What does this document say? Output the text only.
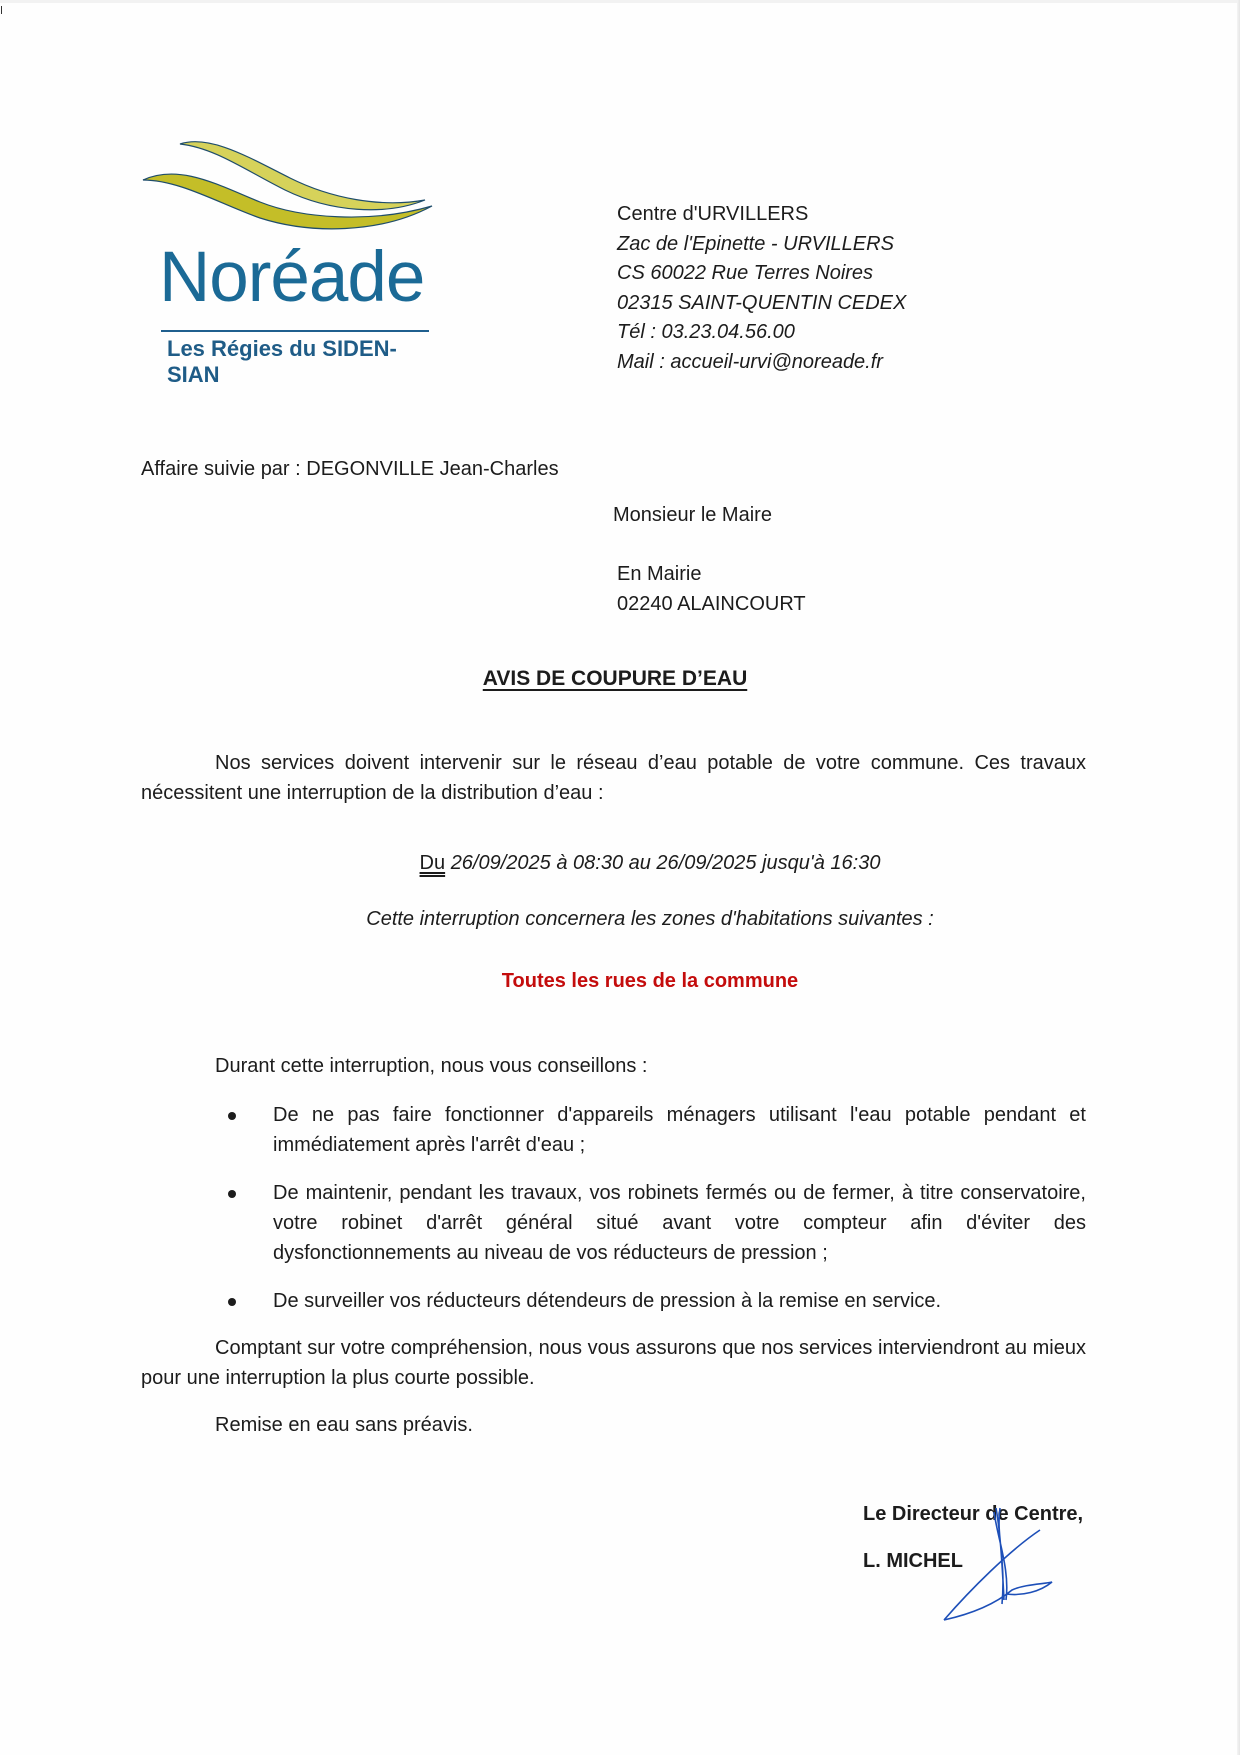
Noréade
Les Régies du SIDEN-SIAN
Centre d'URVILLERS
Zac de l'Epinette - URVILLERS
CS 60022 Rue Terres Noires
02315 SAINT-QUENTIN CEDEX
Tél : 03.23.04.56.00
Mail : accueil-urvi@noreade.fr
Affaire suivie par : DEGONVILLE Jean-Charles
Monsieur le Maire
En Mairie
02240 ALAINCOURT
AVIS DE COUPURE D’EAU
Nos services doivent intervenir sur le réseau d’eau potable de votre commune. Ces travaux nécessitent une interruption de la distribution d’eau :
Du 26/09/2025 à 08:30 au 26/09/2025 jusqu'à 16:30
Cette interruption concernera les zones d'habitations suivantes :
Toutes les rues de la commune
Durant cette interruption, nous vous conseillons :
De ne pas faire fonctionner d'appareils ménagers utilisant l'eau potable pendant et immédiatement après l'arrêt d'eau ;
De maintenir, pendant les travaux, vos robinets fermés ou de fermer, à titre conservatoire, votre robinet d'arrêt général situé avant votre compteur afin d'éviter des dysfonctionnements au niveau de vos réducteurs de pression ;
De surveiller vos réducteurs détendeurs de pression à la remise en service.
Comptant sur votre compréhension, nous vous assurons que nos services interviendront au mieux pour une interruption la plus courte possible.
Remise en eau sans préavis.
Le Directeur de Centre,
L. MICHEL
